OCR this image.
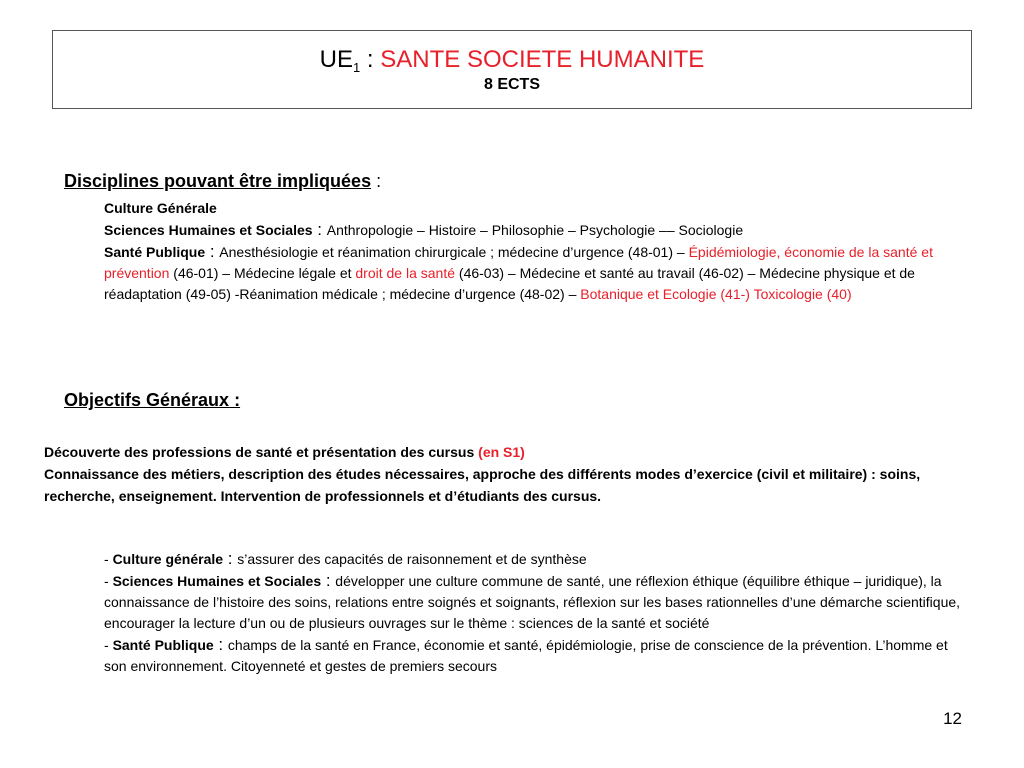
$UE_1$ : SANTE SOCIETE HUMANITE
8 ECTS
Disciplines pouvant être impliquées :

Culture Générale

Sciences Humaines et Sociales : Anthropologie – Histoire – Philosophie – Psychologie –– Sociologie

Santé Publique : Anesthésiologie et réanimation chirurgicale ; médecine d’urgence (48-01) – Épidémiologie, économie de la santé et prévention (46-01) – Médecine légale et droit de la santé (46-03) – Médecine et santé au travail (46-02) – Médecine physique et de réadaptation (49-05) -Réanimation médicale ; médecine d’urgence (48-02) – Botanique et Ecologie (41-) Toxicologie (40)

Objectifs Généraux :

Découverte des professions de santé et présentation des cursus (en S1)

Connaissance des métiers, description des études nécessaires, approche des différents modes d’exercice (civil et militaire) : soins, recherche, enseignement. Intervention de professionnels et d’étudiants des cursus.

- Culture générale : s’assurer des capacités de raisonnement et de synthèse

- Sciences Humaines et Sociales : développer une culture commune de santé, une réflexion éthique (équilibre éthique – juridique), la connaissance de l’histoire des soins, relations entre soignés et soignants, réflexion sur les bases rationnelles d’une démarche scientifique, encourager la lecture d’un ou de plusieurs ouvrages sur le thème : sciences de la santé et société

- Santé Publique : champs de la santé en France, économie et santé, épidémiologie, prise de conscience de la prévention. L’homme et son environnement. Citoyenneté et gestes de premiers secours

12
